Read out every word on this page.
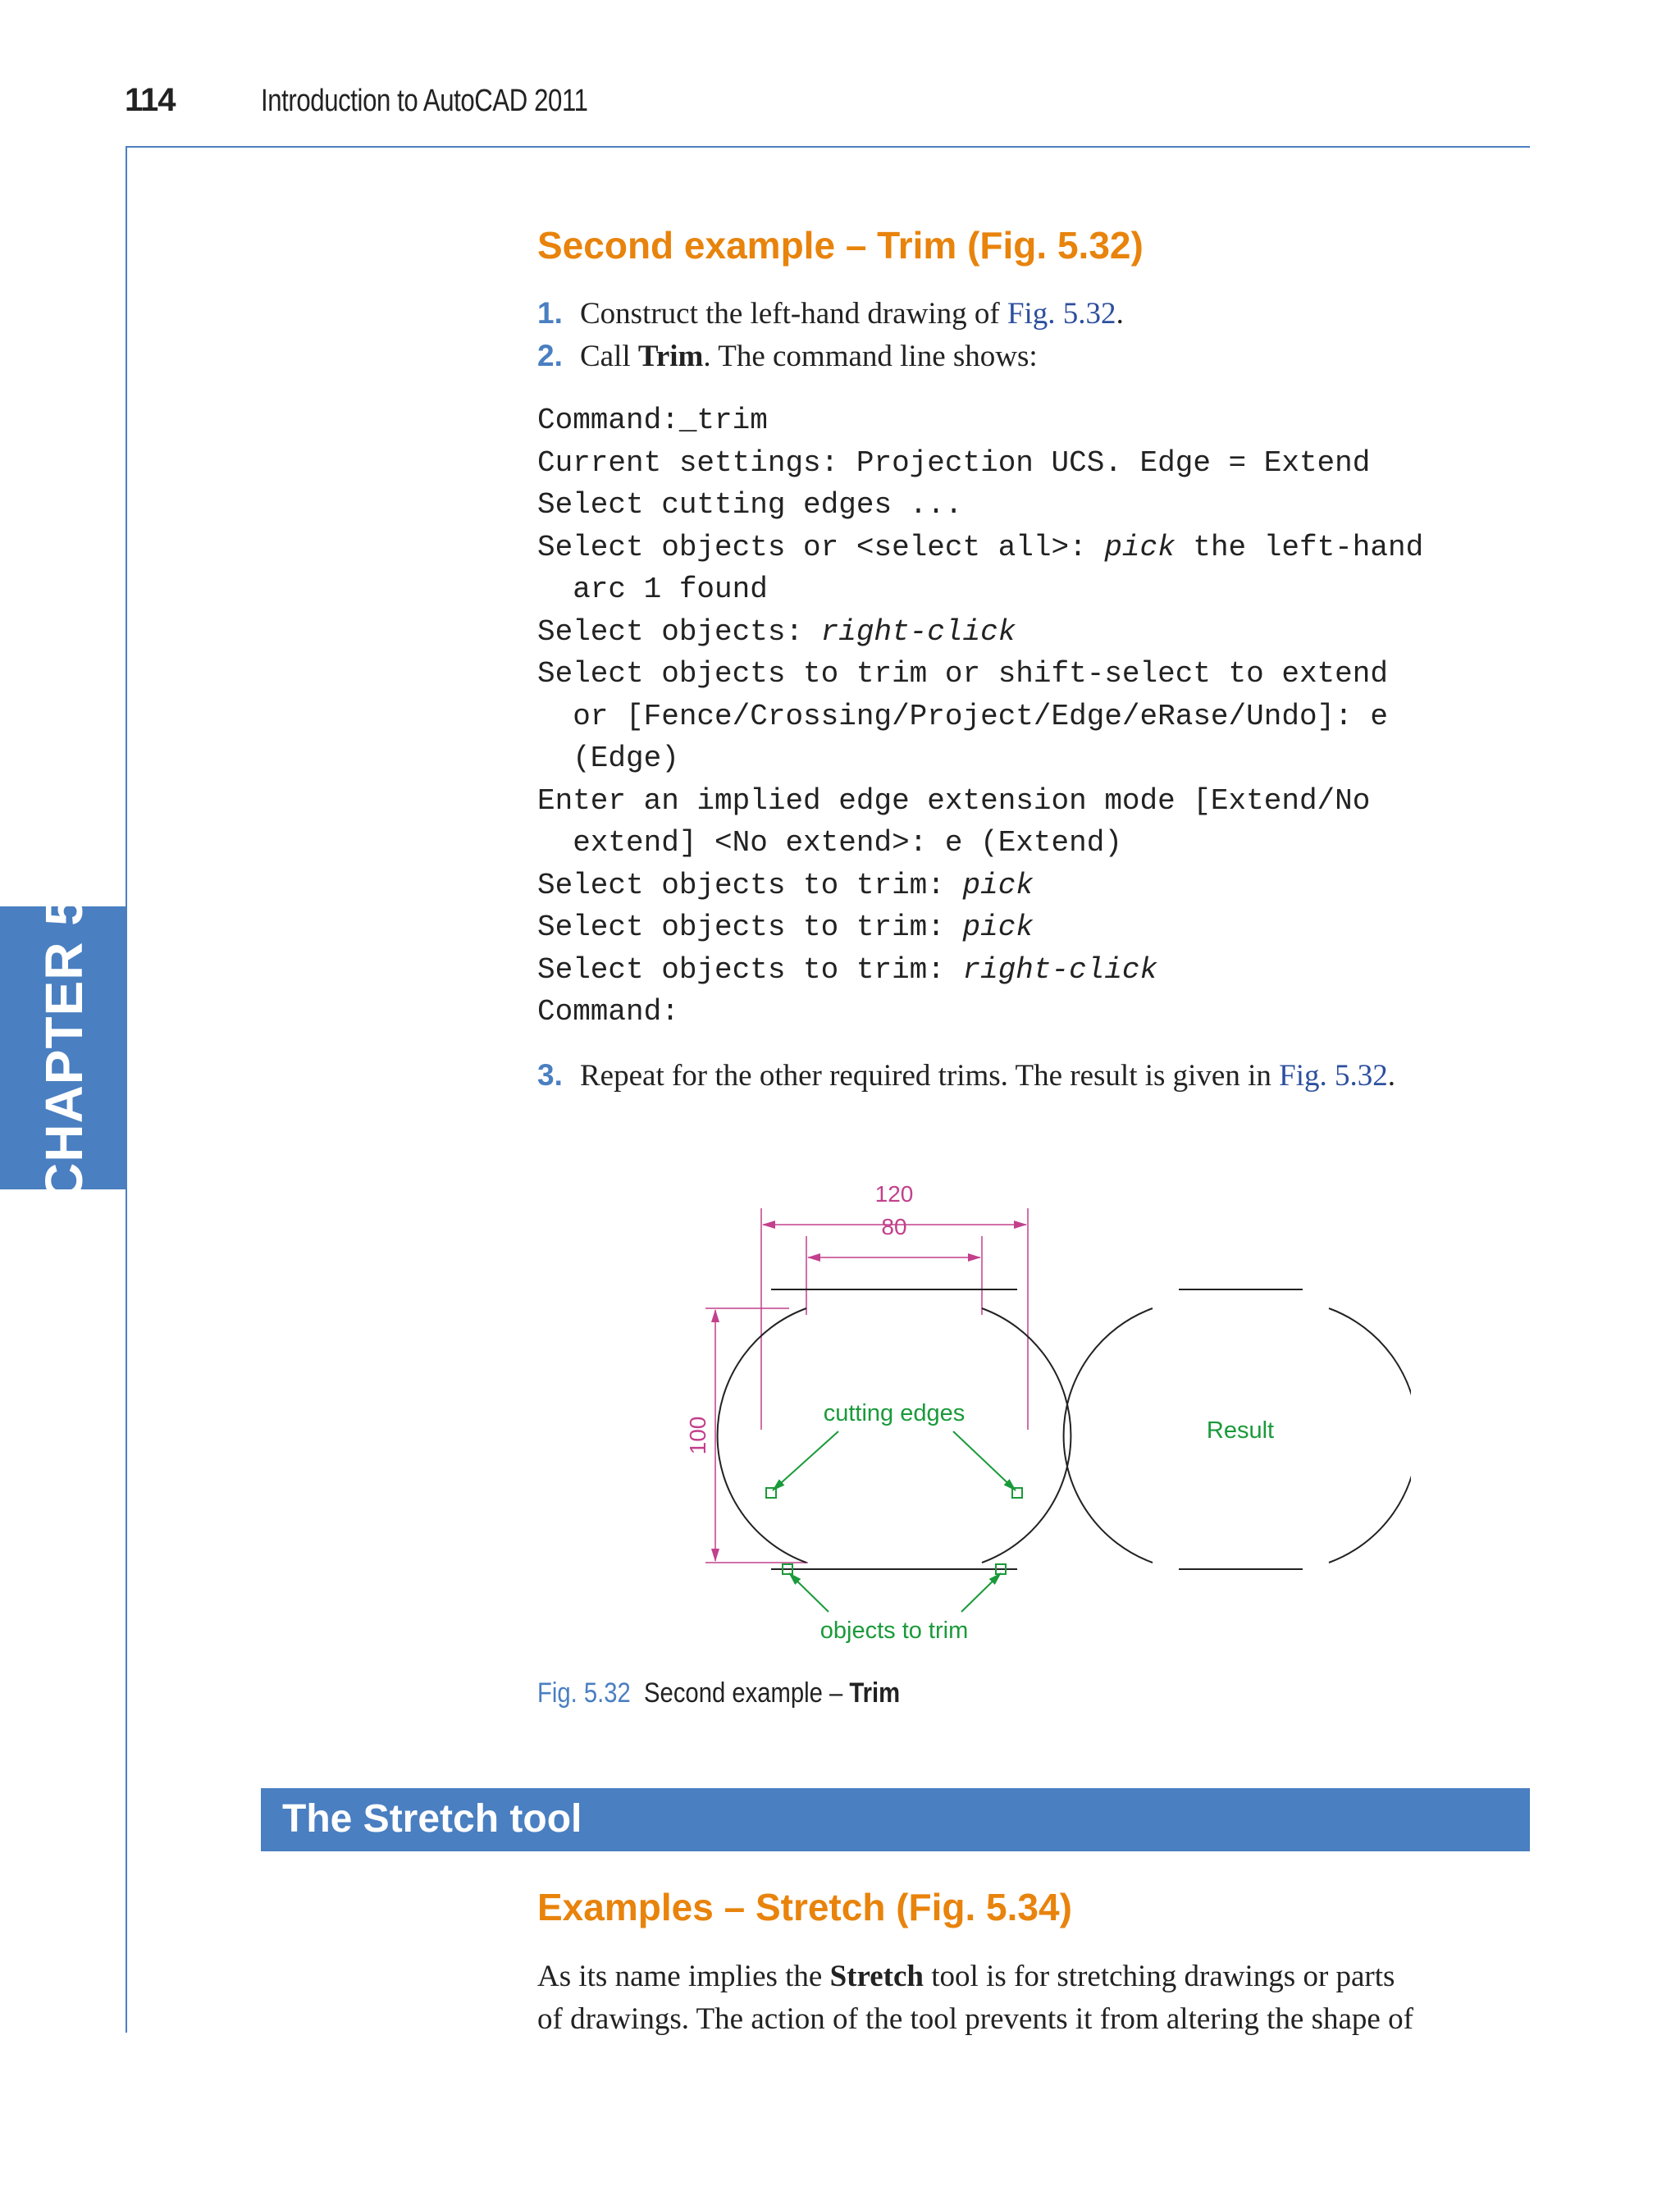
114	Introduction to AutoCAD 2011
CHAPTER 5
Second example – Trim (Fig. 5.32)
1. Construct the left-hand drawing of Fig. 5.32.
2. Call Trim. The command line shows:
Command:_trim
Current settings: Projection UCS. Edge = Extend
Select cutting edges ...
Select objects or <select all>: pick the left-hand
arc 1 found
Select objects: right-click
Select objects to trim or shift-select to extend
or [Fence/Crossing/Project/Edge/eRase/Undo]: e
(Edge)
Enter an implied edge extension mode [Extend/No
extend] <No extend>: e (Extend)
Select objects to trim: pick
Select objects to trim: pick
Select objects to trim: right-click
Command:
3. Repeat for the other required trims. The result is given in Fig. 5.32.
120
80
100
cutting edges
objects to trim
Result
Fig. 5.32 Second example – Trim
The Stretch tool
Examples – Stretch (Fig. 5.34)
As its name implies the Stretch tool is for stretching drawings or parts
of drawings. The action of the tool prevents it from altering the shape of
